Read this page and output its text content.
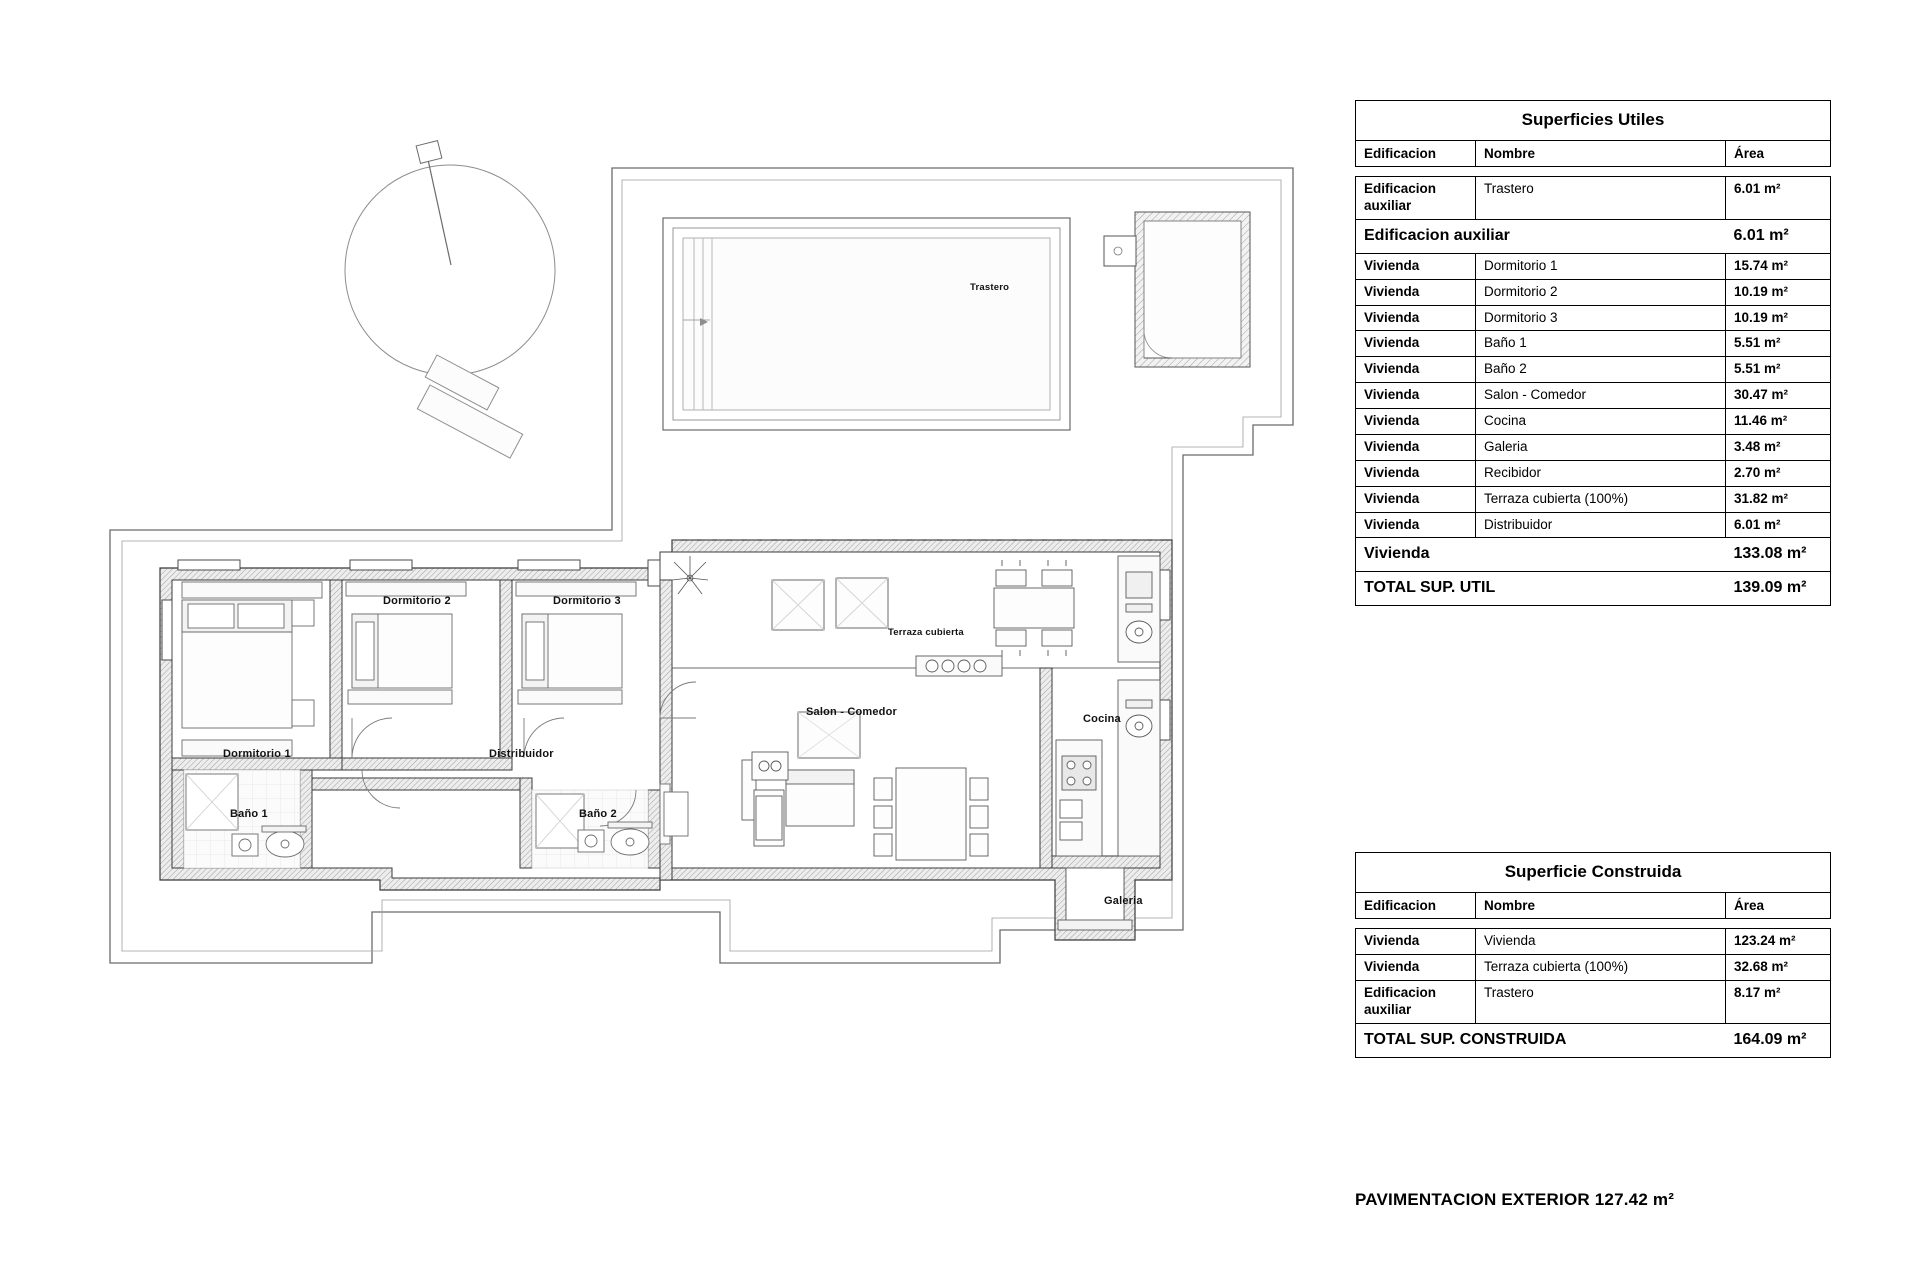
Trastero
Dormitorio 2	Dormitorio 3
Terraza cubierta
Dormitorio 1	Distribuidor
Salon - Comedor
Cocina
Baño 1	Baño 2
Galeria
Superficies Utiles		
Edificacion	Nombre	Área

Edificacion auxiliar	Trastero	6.01 m²
Edificacion auxiliar		6.01 m²
Vivienda	Dormitorio 1	15.74 m²
Vivienda	Dormitorio 2	10.19 m²
Vivienda	Dormitorio 3	10.19 m²
Vivienda	Baño 1	5.51 m²
Vivienda	Baño 2	5.51 m²
Vivienda	Salon - Comedor	30.47 m²
Vivienda	Cocina	11.46 m²
Vivienda	Galeria	3.48 m²
Vivienda	Recibidor	2.70 m²
Vivienda	Terraza cubierta (100%)	31.82 m²
Vivienda	Distribuidor	6.01 m²
Vivienda		133.08 m²
TOTAL SUP. UTIL		139.09 m²
Superficie Construida		
Edificacion	Nombre	Área

Vivienda	Vivienda	123.24 m²
Vivienda	Terraza cubierta (100%)	32.68 m²
Edificacion auxiliar	Trastero	8.17 m²
TOTAL SUP. CONSTRUIDA		164.09 m²
PAVIMENTACION EXTERIOR 127.42 m²
